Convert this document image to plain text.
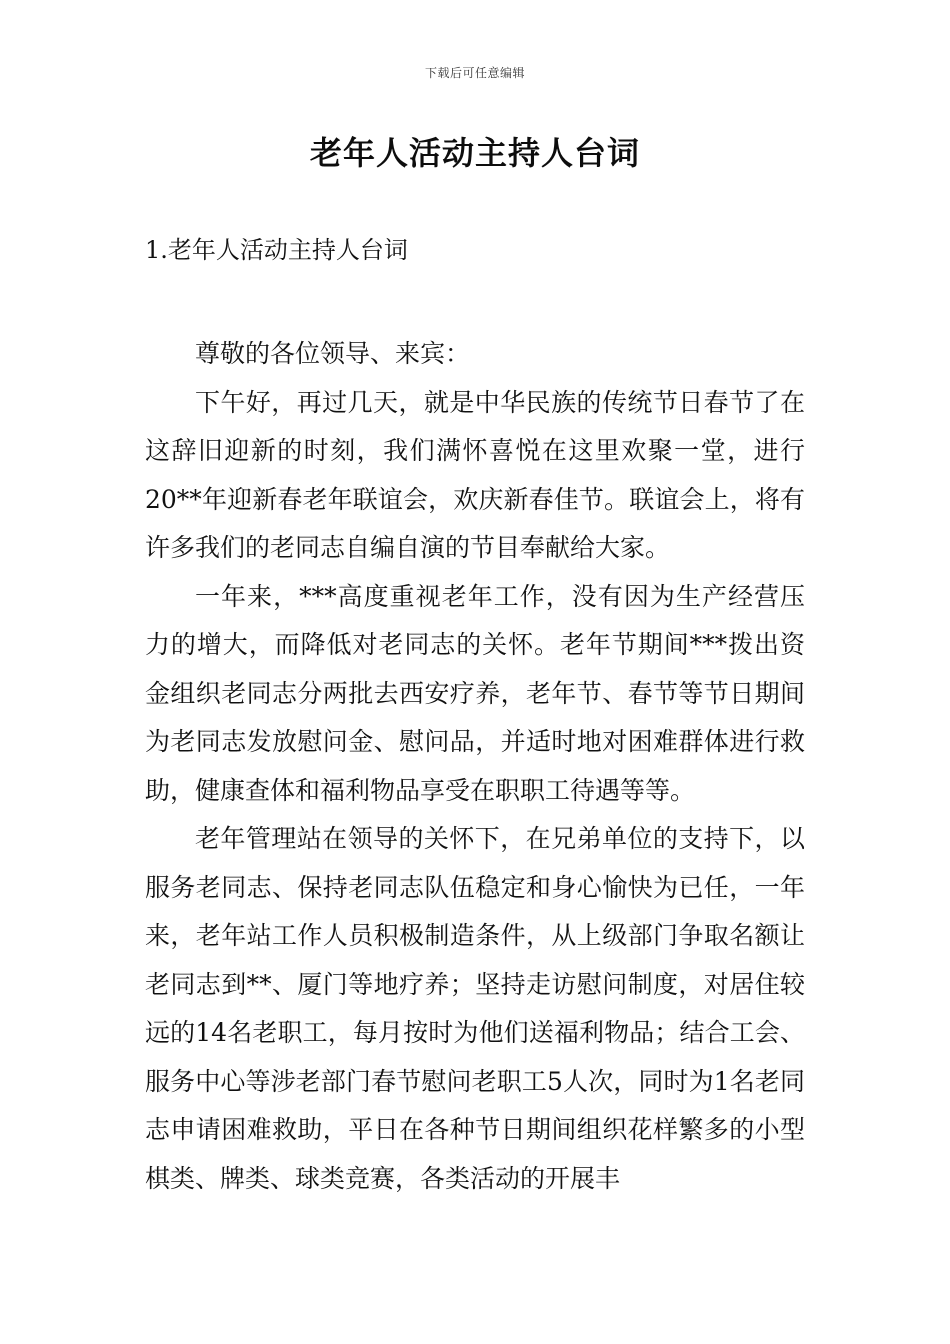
下载后可任意编辑
老年人活动主持人台词
1.老年人活动主持人台词

尊敬的各位领导、来宾：

下午好，再过几天，就是中华民族的传统节日春节了在这辞旧迎新的时刻，我们满怀喜悦在这里欢聚一堂，进行20**年迎新春老年联谊会，欢庆新春佳节。联谊会上，将有许多我们的老同志自编自演的节目奉献给大家。

一年来，***高度重视老年工作，没有因为生产经营压力的增大，而降低对老同志的关怀。老年节期间***拨出资金组织老同志分两批去西安疗养，老年节、春节等节日期间为老同志发放慰问金、慰问品，并适时地对困难群体进行救助，健康查体和福利物品享受在职职工待遇等等。

老年管理站在领导的关怀下，在兄弟单位的支持下，以服务老同志、保持老同志队伍稳定和身心愉快为已任，一年来，老年站工作人员积极制造条件，从上级部门争取名额让老同志到**、厦门等地疗养；坚持走访慰问制度，对居住较远的14名老职工，每月按时为他们送福利物品；结合工会、服务中心等涉老部门春节慰问老职工5人次，同时为1名老同志申请困难救助，平日在各种节日期间组织花样繁多的小型棋类、牌类、球类竞赛，各类活动的开展丰
